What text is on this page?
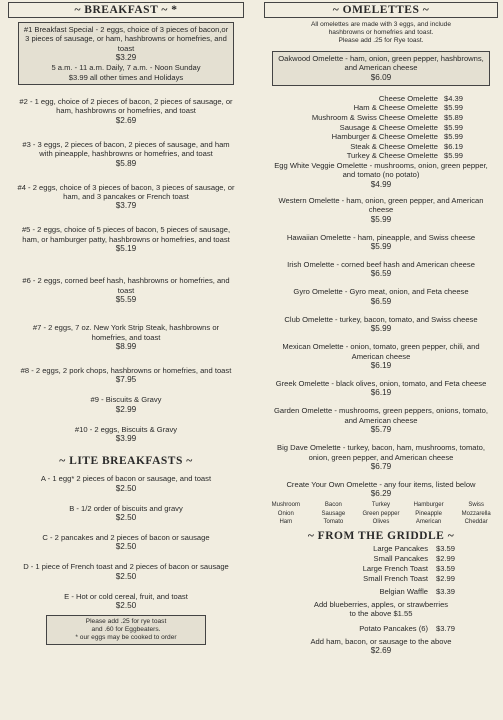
~ BREAKFAST ~ *
#1 Breakfast Special - 2 eggs, choice of 3 pieces of bacon,or 3 pieces of sausage, or ham, hashbrowns or homefries, and toast
$3.29
5 a.m. - 11 a.m. Daily, 7 a.m. - Noon Sunday
$3.99 all other times and Holidays
#2 - 1 egg, choice of 2 pieces of bacon, 2 pieces of sausage, or ham, hashbrowns or homefries, and toast
$2.69
#3 - 3 eggs, 2 pieces of bacon, 2 pieces of sausage, and ham with pineapple, hashbrowns or homefries, and toast
$5.89
#4 - 2 eggs, choice of 3 pieces of bacon, 3 pieces of sausage, or ham, and 3 pancakes or French toast
$3.79
#5 - 2 eggs, choice of 5 pieces of bacon, 5 pieces of sausage, ham, or hamburger patty, hashbrowns or homefries, and toast
$5.19
#6 - 2 eggs, corned beef hash, hashbrowns or homefries, and toast
$5.59
#7 - 2 eggs, 7 oz. New York Strip Steak, hashbrowns or homefries, and toast
$8.99
#8 - 2 eggs, 2 pork chops, hashbrowns or homefries, and toast
$7.95
#9 - Biscuits & Gravy
$2.99
#10 - 2 eggs, Biscuits & Gravy
$3.99
~ LITE BREAKFASTS ~
A - 1 egg* 2 pieces of bacon or sausage, and toast
$2.50
B - 1/2 order of biscuits and gravy
$2.50
C - 2 pancakes and 2 pieces of bacon or sausage
$2.50
D - 1 piece of French toast and 2 pieces of bacon or sausage
$2.50
E - Hot or cold cereal, fruit, and toast
$2.50
Please add .25 for rye toast
and .60 for Eggbeaters.
* our eggs may be cooked to order
~ OMELETTES ~
All omelettes are made with 3 eggs, and include
hashbrowns or homefries and toast.
Please add .25 for Rye toast.
Oakwood Omelette - ham, onion, green pepper, hashbrowns, and American cheese
$6.09
Cheese Omelette $4.39
Ham & Cheese Omelette $5.99
Mushroom & Swiss Cheese Omelette $5.89
Sausage & Cheese Omelette $5.99
Hamburger & Cheese Omelette $5.99
Steak & Cheese Omelette $6.19
Turkey & Cheese Omelette $5.99
Egg White Veggie Omelette - mushrooms, onion, green pepper, and tomato (no potato)
$4.99
Western Omelette - ham, onion, green pepper, and American cheese
$5.99
Hawaiian Omelette - ham, pineapple, and Swiss cheese
$5.99
Irish Omelette - corned beef hash and American cheese
$6.59
Gyro Omelette - Gyro meat, onion, and Feta cheese
$6.59
Club Omelette - turkey, bacon, tomato, and Swiss cheese
$5.99
Mexican Omelette - onion, tomato, green pepper, chili, and American cheese
$6.19
Greek Omelette - black olives, onion, tomato, and Feta cheese
$6.19
Garden Omelette - mushrooms, green peppers, onions, tomato, and American cheese
$5.79
Big Dave Omelette - turkey, bacon, ham, mushrooms, tomato, onion, green pepper, and American cheese
$6.79
Create Your Own Omelette - any four items, listed below
$6.29
Mushroom	Bacon	Turkey	Hamburger	Swiss
Onion	Sausage	Green pepper	Pineapple	Mozzarella
Ham	Tomato	Olives	American	Cheddar
~ FROM THE GRIDDLE ~
Large Pancakes	$3.59
Small Pancakes	$2.99
Large French Toast	$3.59
Small French Toast	$2.99
Belgian Waffle	$3.39
Add blueberries, apples, or strawberries
to the above $1.55
Potato Pancakes (6)	$3.79
Add ham, bacon, or sausage to the above
$2.69
